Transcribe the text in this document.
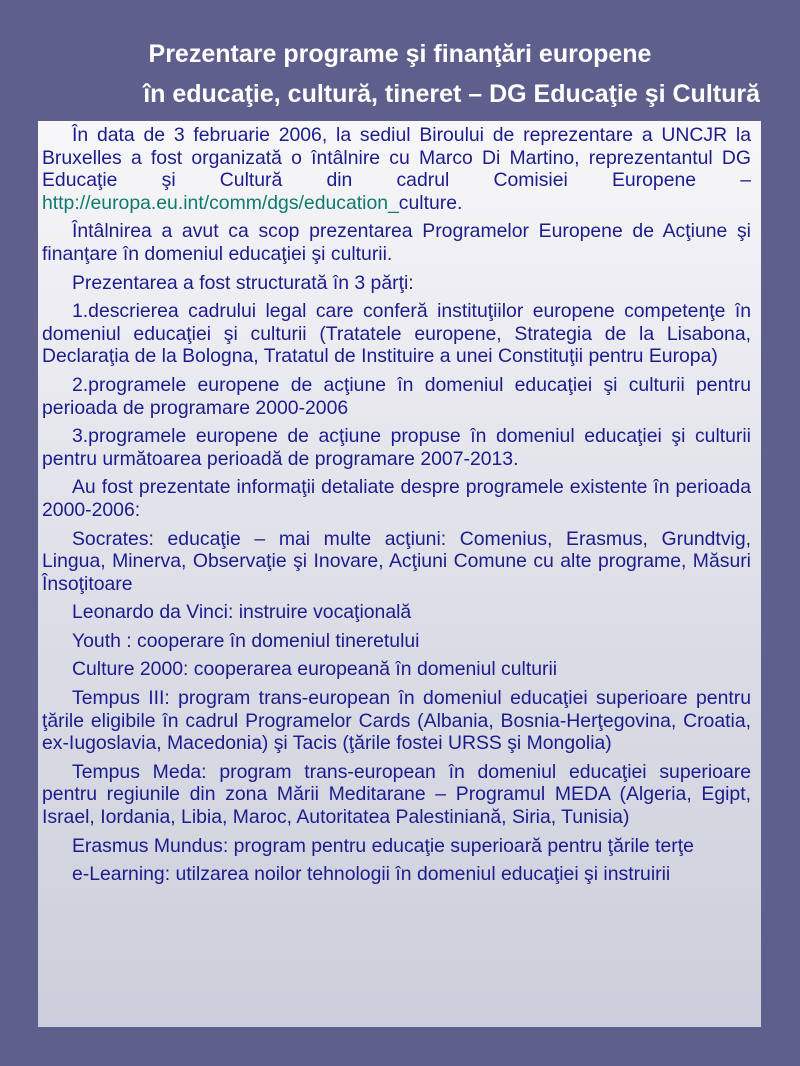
Prezentare programe şi finanţări europene
în educaţie, cultură, tineret – DG Educaţie şi Cultură

În data de 3 februarie 2006, la sediul Biroului de reprezentare a UNCJR la Bruxelles a fost organizată o întâlnire cu Marco Di Martino, reprezentantul DG Educaţie şi Cultură din cadrul Comisiei Europene – http://europa.eu.int/comm/dgs/education_culture.

Întâlnirea a avut ca scop prezentarea Programelor Europene de Acţiune şi finanţare în domeniul educaţiei şi culturii.

Prezentarea a fost structurată în 3 părţi:

1.descrierea cadrului legal care conferă instituţiilor europene competenţe în domeniul educaţiei şi culturii (Tratatele europene, Strategia de la Lisabona, Declaraţia de la Bologna, Tratatul de Instituire a unei Constituţii pentru Europa)

2.programele europene de acţiune în domeniul educaţiei şi culturii pentru perioada de programare 2000-2006

3.programele europene de acţiune propuse în domeniul educaţiei şi culturii pentru următoarea perioadă de programare 2007-2013.

Au fost prezentate informaţii detaliate despre programele existente în perioada 2000-2006:

Socrates: educaţie – mai multe acţiuni: Comenius, Erasmus, Grundtvig, Lingua, Minerva, Observaţie şi Inovare, Acţiuni Comune cu alte programe, Măsuri Însoţitoare

Leonardo da Vinci: instruire vocaţională

Youth : cooperare în domeniul tineretului

Culture 2000: cooperarea europeană în domeniul culturii

Tempus III: program trans-european în domeniul educaţiei superioare pentru ţările eligibile în cadrul Programelor Cards (Albania, Bosnia-Herţegovina, Croatia, ex-Iugoslavia, Macedonia) şi Tacis (ţările fostei URSS şi Mongolia)

Tempus Meda: program trans-european în domeniul educaţiei superioare pentru regiunile din zona Mării Meditarane – Programul MEDA (Algeria, Egipt, Israel, Iordania, Libia, Maroc, Autoritatea Palestiniană, Siria, Tunisia)

Erasmus Mundus: program pentru educaţie superioară pentru ţările terţe

e-Learning: utilzarea noilor tehnologii în domeniul educaţiei şi instruirii
